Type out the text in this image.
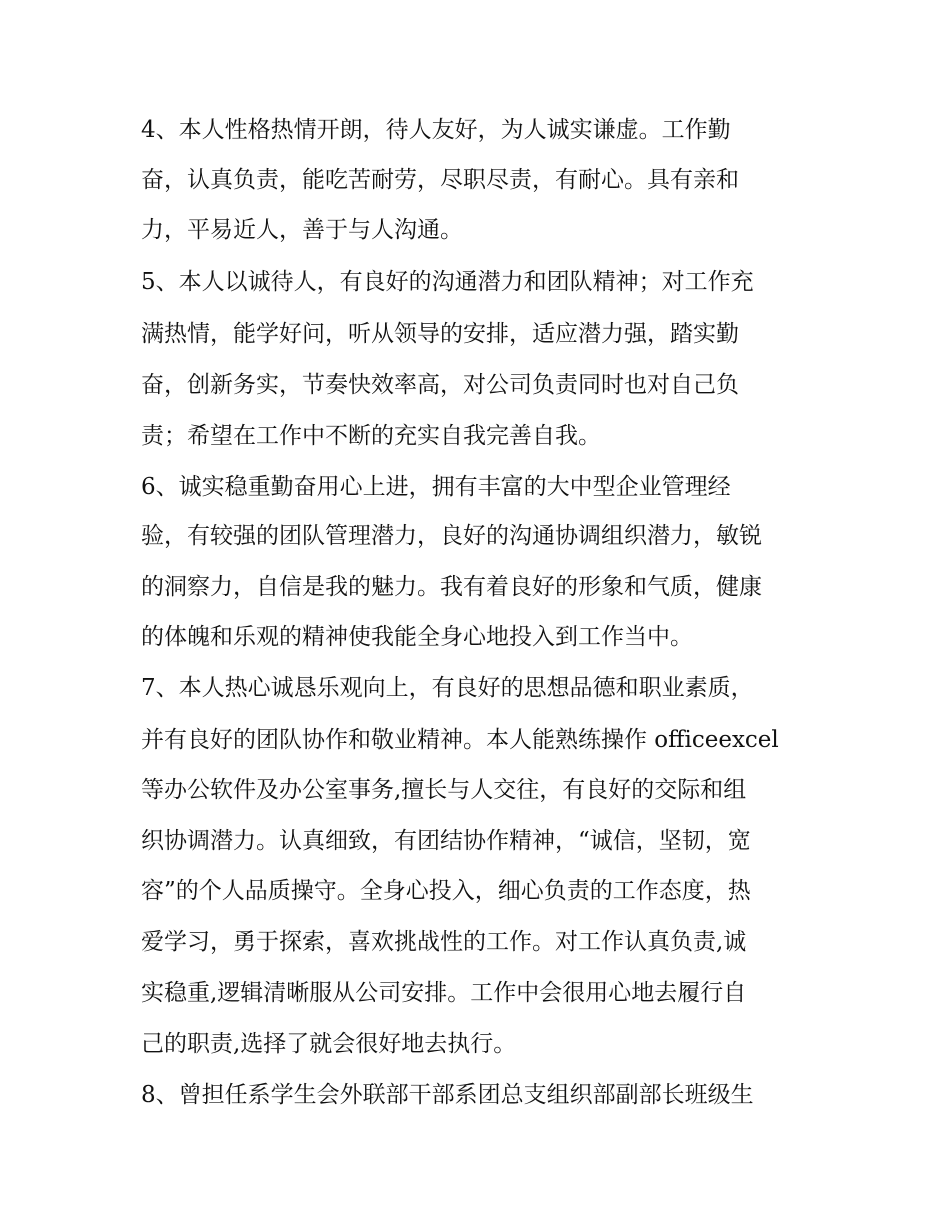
4、本人性格热情开朗，待人友好，为人诚实谦虚。工作勤
奋，认真负责，能吃苦耐劳，尽职尽责，有耐心。具有亲和
力，平易近人，善于与人沟通。
5、本人以诚待人，有良好的沟通潜力和团队精神；对工作充
满热情，能学好问，听从领导的安排，适应潜力强，踏实勤
奋，创新务实，节奏快效率高，对公司负责同时也对自己负
责；希望在工作中不断的充实自我完善自我。
6、诚实稳重勤奋用心上进，拥有丰富的大中型企业管理经
验，有较强的团队管理潜力，良好的沟通协调组织潜力，敏锐
的洞察力，自信是我的魅力。我有着良好的形象和气质，健康
的体魄和乐观的精神使我能全身心地投入到工作当中。
7、本人热心诚恳乐观向上，有良好的思想品德和职业素质，
并有良好的团队协作和敬业精神。本人能熟练操作 officeexcel
等办公软件及办公室事务,擅长与人交往，有良好的交际和组
织协调潜力。认真细致，有团结协作精神，“诚信，坚韧，宽
容”的个人品质操守。全身心投入，细心负责的工作态度，热
爱学习，勇于探索，喜欢挑战性的工作。对工作认真负责,诚
实稳重,逻辑清晰服从公司安排。工作中会很用心地去履行自
己的职责,选择了就会很好地去执行。
8、曾担任系学生会外联部干部系团总支组织部副部长班级生
